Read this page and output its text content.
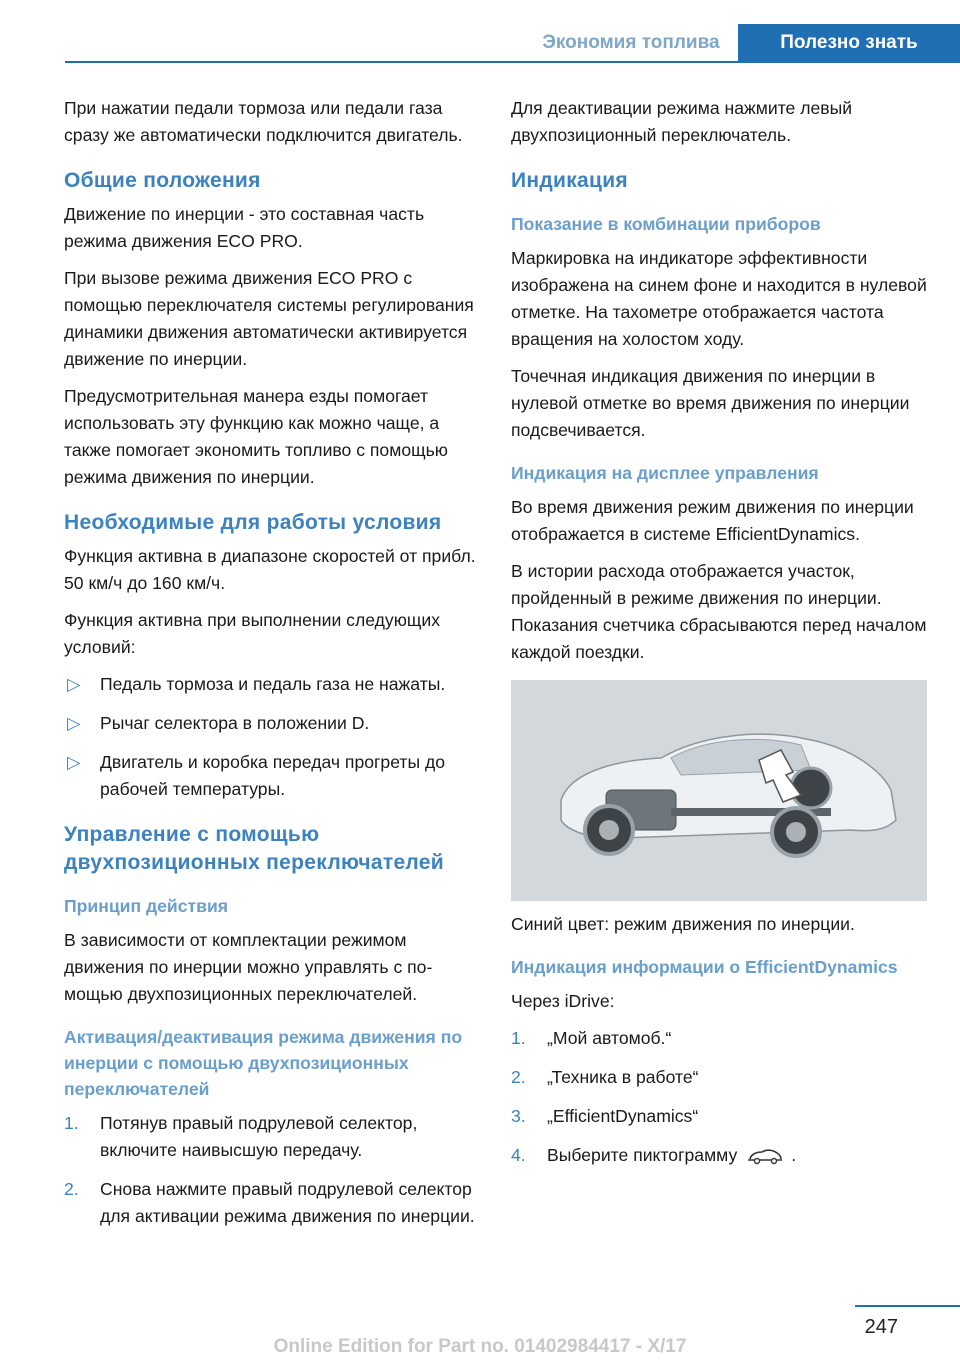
Экономия топлива	Полезно знать

При нажатии педали тормоза или педали газа сразу же автоматически подключится двигатель.

Общие положения

Движение по инерции - это составная часть режима движения ECO PRO.

При вызове режима движения ECO PRO с помощью переключателя системы регулирования динамики движения автоматически активируется движение по инерции.

Предусмотрительная манера езды помогает использовать эту функцию как можно чаще, а также помогает экономить топливо с помощью режима движения по инерции.

Необходимые для работы условия

Функция активна в диапазоне скоростей от прибл. 50 км/ч до 160 км/ч.

Функция активна при выполнении следующих условий:

▷ Педаль тормоза и педаль газа не нажаты.
▷ Рычаг селектора в положении D.
▷ Двигатель и коробка передач прогреты до рабочей температуры.
Управление с помощью двухпозиционных переключателей
Принцип действия

В зависимости от комплектации режимом движения по инерции можно управлять с помощью двухпозиционных переключателей.

Активация/деактивация режима движения по инерции с помощью двухпозиционных переключателей
1. Потянув правый подрулевой селектор, включите наивысшую передачу.
2. Снова нажмите правый подрулевой селектор для активации режима движения по инерции.

Для деактивации режима нажмите левый двухпозиционный переключатель.

Индикация
Показание в комбинации приборов

Маркировка на индикаторе эффективности изображена на синем фоне и находится в нулевой отметке. На тахометре отображается частота вращения на холостом ходу.

Точечная индикация движения по инерции в нулевой отметке во время движения по инерции подсвечивается.

Индикация на дисплее управления

Во время движения режим движения по инерции отображается в системе EfficientDynamics.

В истории расхода отображается участок, пройденный в режиме движения по инерции. Показания счетчика сбрасываются перед началом каждой поездки.

Синий цвет: режим движения по инерции.

Индикация информации о EfficientDynamics

Через iDrive:

1. „Мой автомоб.“
2. „Техника в работе“
3. „EfficientDynamics“
4. Выберите пиктограмму	.
247
Online Edition for Part no. 01402984417 - X/17
